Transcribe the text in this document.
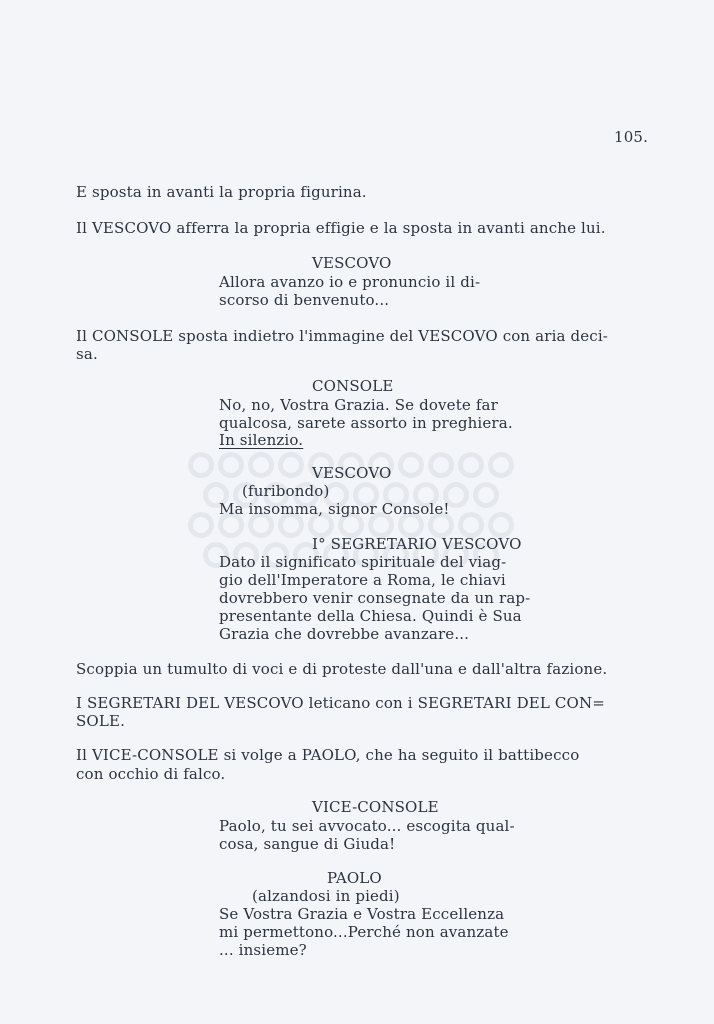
105.
E sposta in avanti la propria figurina.
Il VESCOVO afferra la propria effigie e la sposta in avanti anche lui.
VESCOVO
Allora avanzo io e pronuncio il di-
scorso di benvenuto...
Il CONSOLE sposta indietro l'immagine del VESCOVO con aria deci-
sa.
CONSOLE
No, no, Vostra Grazia. Se dovete far
qualcosa, sarete assorto in preghiera.
In silenzio.
VESCOVO
(furibondo)
Ma insomma, signor Console!
I° SEGRETARIO VESCOVO
Dato il significato spirituale del viag-
gio dell'Imperatore a Roma, le chiavi
dovrebbero venir consegnate da un rap-
presentante della Chiesa. Quindi è Sua
Grazia che dovrebbe avanzare...
Scoppia un tumulto di voci e di proteste dall'una e dall'altra fazione.
I SEGRETARI DEL VESCOVO leticano con i SEGRETARI DEL CON=
SOLE.
Il VICE-CONSOLE si volge a PAOLO, che ha seguito il battibecco
con occhio di falco.
VICE-CONSOLE
Paolo, tu sei avvocato... escogita qual-
cosa, sangue di Giuda!
PAOLO
(alzandosi in piedi)
Se Vostra Grazia e Vostra Eccellenza
mi permettono...Perché non avanzate
... insieme?
